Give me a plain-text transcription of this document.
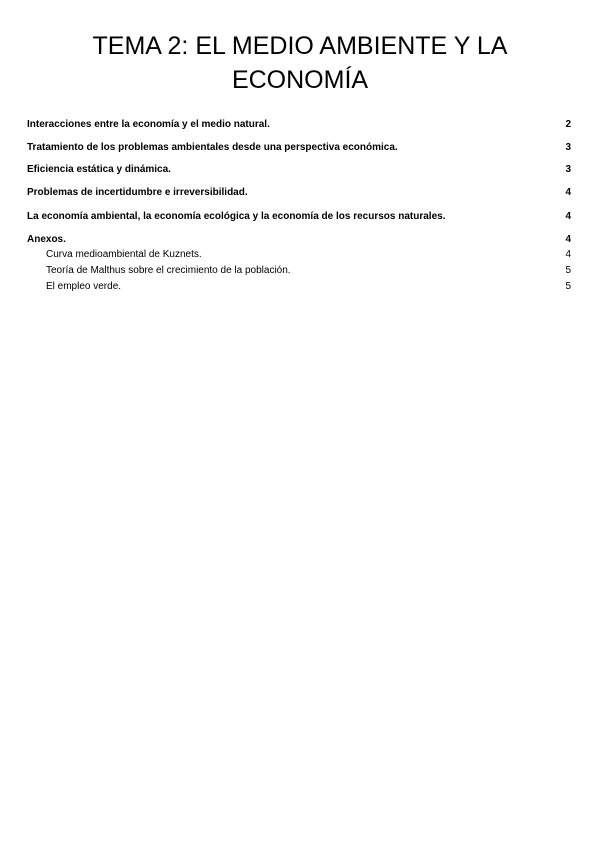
TEMA 2: EL MEDIO AMBIENTE Y LA ECONOMÍA
Interacciones entre la economía y el medio natural.	2
Tratamiento de los problemas ambientales desde una perspectiva económica.	3
Eficiencia estática y dinámica.	3
Problemas de incertidumbre e irreversibilidad.	4
La economía ambiental, la economía ecológica y la economía de los recursos naturales.	4
Anexos.	4
Curva medioambiental de Kuznets.	4
Teoría de Malthus sobre el crecimiento de la población.	5
El empleo verde.	5
